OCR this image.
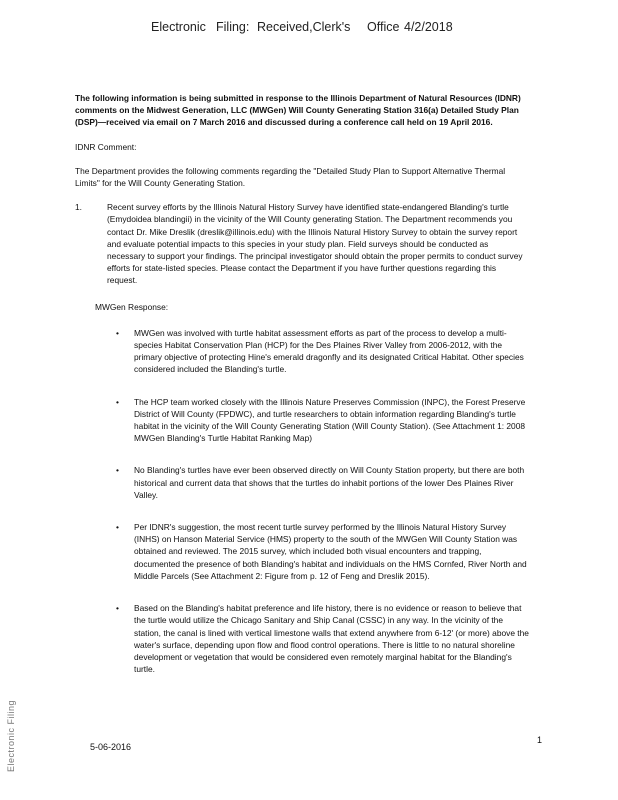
Electronic Filing: Received,Clerk's Office 4/2/2018
Electronic Filing

The following information is being submitted in response to the Illinois Department of Natural Resources (IDNR) comments on the Midwest Generation, LLC (MWGen) Will County Generating Station 316(a) Detailed Study Plan (DSP)—received via email on 7 March 2016 and discussed during a conference call held on 19 April 2016.

IDNR Comment:

The Department provides the following comments regarding the "Detailed Study Plan to Support Alternative Thermal Limits" for the Will County Generating Station.

1.	Recent survey efforts by the Illinois Natural History Survey have identified state-endangered Blanding's turtle (Emydoidea blandingii) in the vicinity of the Will County generating Station. The Department recommends you contact Dr. Mike Dreslik (dreslik@illinois.edu) with the Illinois Natural History Survey to obtain the survey report and evaluate potential impacts to this species in your study plan. Field surveys should be conducted as necessary to support your findings. The principal investigator should obtain the proper permits to conduct survey efforts for state-listed species. Please contact the Department if you have further questions regarding this request.

MWGen Response:

• MWGen was involved with turtle habitat assessment efforts as part of the process to develop a multi-species Habitat Conservation Plan (HCP) for the Des Plaines River Valley from 2006-2012, with the primary objective of protecting Hine's emerald dragonfly and its designated Critical Habitat. Other species considered included the Blanding's turtle.
• The HCP team worked closely with the Illinois Nature Preserves Commission (INPC), the Forest Preserve District of Will County (FPDWC), and turtle researchers to obtain information regarding Blanding's turtle habitat in the vicinity of the Will County Generating Station (Will County Station). (See Attachment 1: 2008 MWGen Blanding's Turtle Habitat Ranking Map)
• No Blanding's turtles have ever been observed directly on Will County Station property, but there are both historical and current data that shows that the turtles do inhabit portions of the lower Des Plaines River Valley.
• Per IDNR's suggestion, the most recent turtle survey performed by the Illinois Natural History Survey (INHS) on Hanson Material Service (HMS) property to the south of the MWGen Will County Station was obtained and reviewed. The 2015 survey, which included both visual encounters and trapping, documented the presence of both Blanding's habitat and individuals on the HMS Cornfed, River North and Middle Parcels (See Attachment 2: Figure from p. 12 of Feng and Dreslik 2015).
• Based on the Blanding's habitat preference and life history, there is no evidence or reason to believe that the turtle would utilize the Chicago Sanitary and Ship Canal (CSSC) in any way. In the vicinity of the station, the canal is lined with vertical limestone walls that extend anywhere from 6-12' (or more) above the water's surface, depending upon flow and flood control operations. There is little to no natural shoreline development or vegetation that would be considered even remotely marginal habitat for the Blanding's turtle.
5-06-2016
1
